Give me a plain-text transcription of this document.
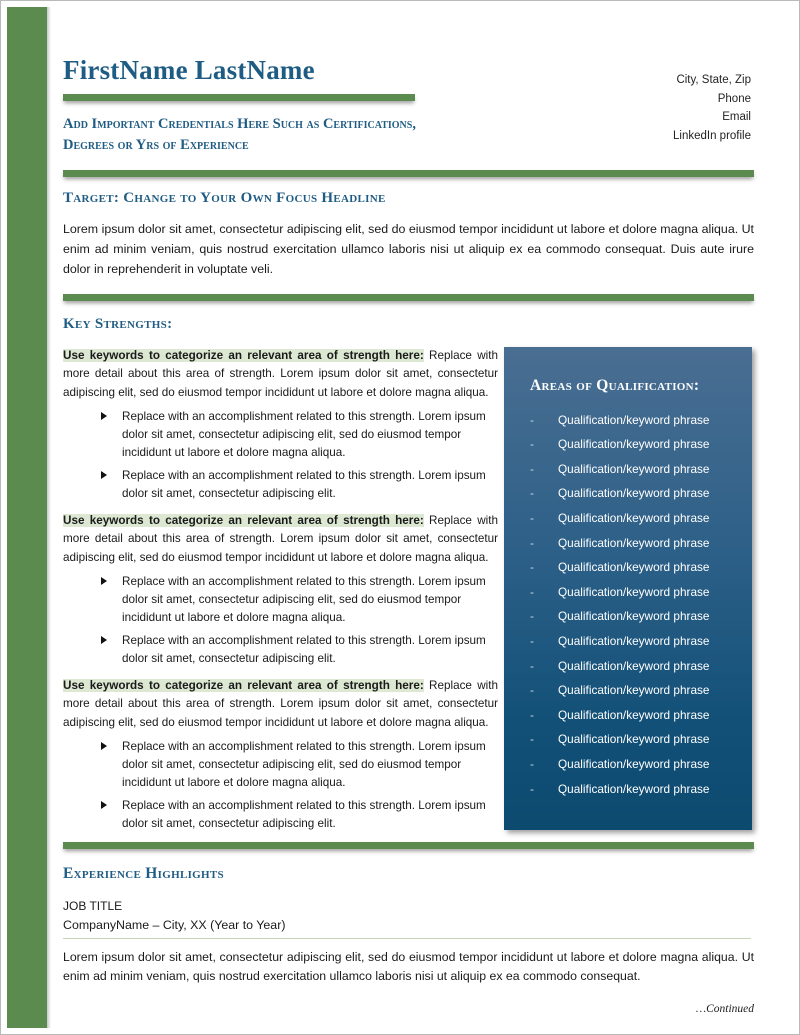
FirstName LastName
Add Important Credentials Here Such as Certifications, Degrees or Yrs of Experience
City, State, Zip
Phone
Email
LinkedIn profile
Target: Change to Your Own Focus Headline

Lorem ipsum dolor sit amet, consectetur adipiscing elit, sed do eiusmod tempor incididunt ut labore et dolore magna aliqua. Ut enim ad minim veniam, quis nostrud exercitation ullamco laboris nisi ut aliquip ex ea commodo consequat. Duis aute irure dolor in reprehenderit in voluptate veli.

Key Strengths:

Use keywords to categorize an relevant area of strength here: Replace with more detail about this area of strength. Lorem ipsum dolor sit amet, consectetur adipiscing elit, sed do eiusmod tempor incididunt ut labore et dolore magna aliqua.

Replace with an accomplishment related to this strength. Lorem ipsum dolor sit amet, consectetur adipiscing elit, sed do eiusmod tempor incididunt ut labore et dolore magna aliqua.
Replace with an accomplishment related to this strength. Lorem ipsum dolor sit amet, consectetur adipiscing elit.

Use keywords to categorize an relevant area of strength here: Replace with more detail about this area of strength. Lorem ipsum dolor sit amet, consectetur adipiscing elit, sed do eiusmod tempor incididunt ut labore et dolore magna aliqua.

Replace with an accomplishment related to this strength. Lorem ipsum dolor sit amet, consectetur adipiscing elit, sed do eiusmod tempor incididunt ut labore et dolore magna aliqua.
Replace with an accomplishment related to this strength. Lorem ipsum dolor sit amet, consectetur adipiscing elit.

Use keywords to categorize an relevant area of strength here: Replace with more detail about this area of strength. Lorem ipsum dolor sit amet, consectetur adipiscing elit, sed do eiusmod tempor incididunt ut labore et dolore magna aliqua.

Replace with an accomplishment related to this strength. Lorem ipsum dolor sit amet, consectetur adipiscing elit, sed do eiusmod tempor incididunt ut labore et dolore magna aliqua.
Replace with an accomplishment related to this strength. Lorem ipsum dolor sit amet, consectetur adipiscing elit.
Areas of Qualification:
- Qualification/keyword phrase
- Qualification/keyword phrase
- Qualification/keyword phrase
- Qualification/keyword phrase
- Qualification/keyword phrase
- Qualification/keyword phrase
- Qualification/keyword phrase
- Qualification/keyword phrase
- Qualification/keyword phrase
- Qualification/keyword phrase
- Qualification/keyword phrase
- Qualification/keyword phrase
- Qualification/keyword phrase
- Qualification/keyword phrase
- Qualification/keyword phrase
- Qualification/keyword phrase
Experience Highlights

JOB TITLE

CompanyName – City, XX (Year to Year)

Lorem ipsum dolor sit amet, consectetur adipiscing elit, sed do eiusmod tempor incididunt ut labore et dolore magna aliqua. Ut enim ad minim veniam, quis nostrud exercitation ullamco laboris nisi ut aliquip ex ea commodo consequat.

…Continued
